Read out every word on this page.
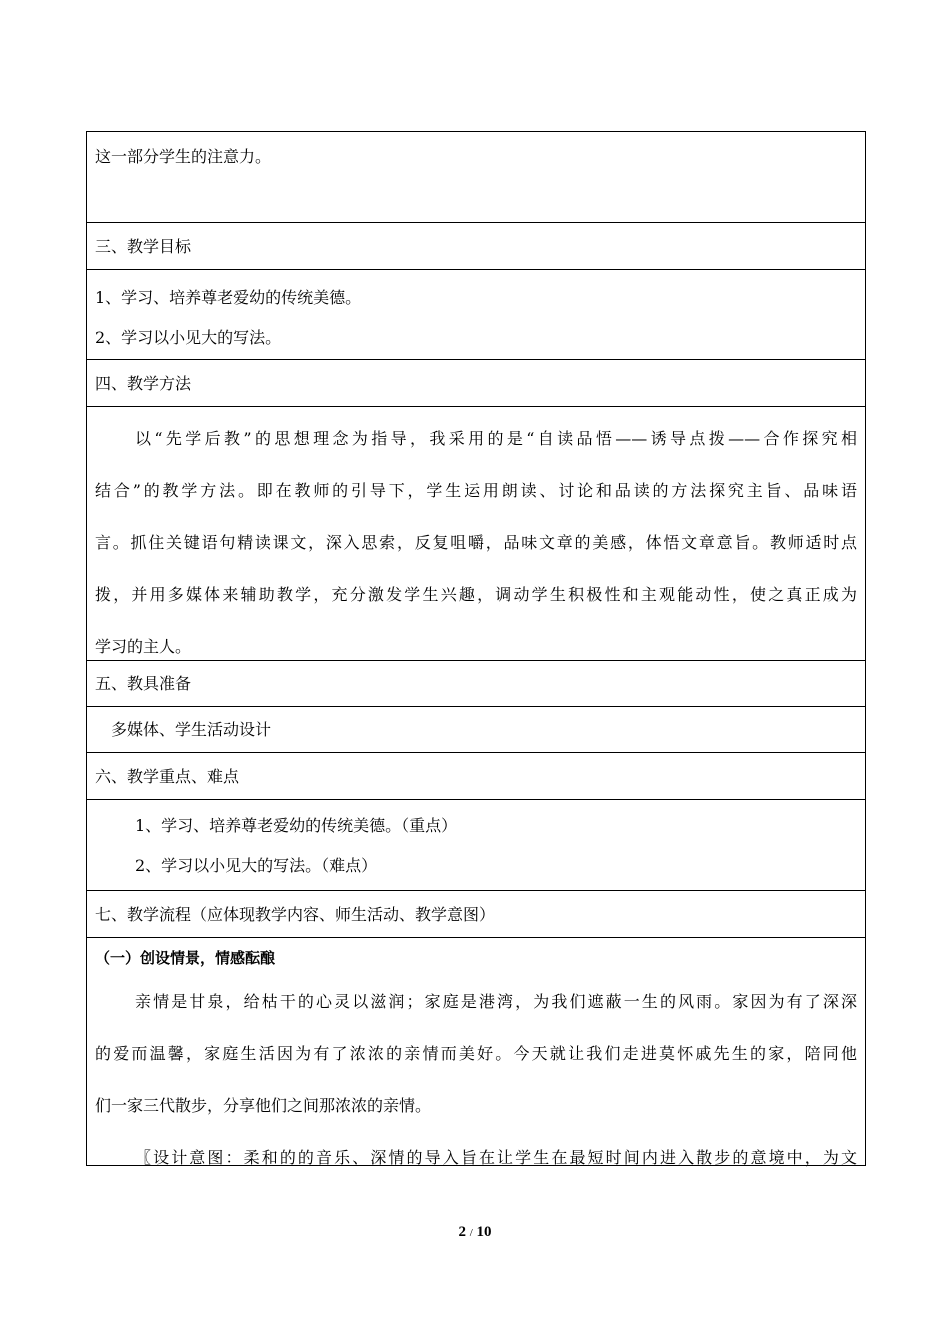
这一部分学生的注意力。
三、教学目标
1、学习、培养尊老爱幼的传统美德。
2、学习以小见大的写法。
四、教学方法
以“先学后教”的思想理念为指导，我采用的是“自读品悟——诱导点拨——合作探究相
结合”的教学方法。即在教师的引导下，学生运用朗读、讨论和品读的方法探究主旨、品味语
言。抓住关键语句精读课文，深入思索，反复咀嚼，品味文章的美感，体悟文章意旨。教师适时点
拨，并用多媒体来辅助教学，充分激发学生兴趣，调动学生积极性和主观能动性，使之真正成为
学习的主人。
五、教具准备
多媒体、学生活动设计
六、教学重点、难点
1、学习、培养尊老爱幼的传统美德。（重点）
2、学习以小见大的写法。（难点）
七、教学流程（应体现教学内容、师生活动、教学意图）
（一）创设情景，情感酝酿
亲情是甘泉，给枯干的心灵以滋润；家庭是港湾，为我们遮蔽一生的风雨。家因为有了深深
的爱而温馨，家庭生活因为有了浓浓的亲情而美好。今天就让我们走进莫怀戚先生的家，陪同他
们一家三代散步，分享他们之间那浓浓的亲情。
〖设计意图：柔和的的音乐、深情的导入旨在让学生在最短时间内进入散步的意境中，为文
2 / 10
